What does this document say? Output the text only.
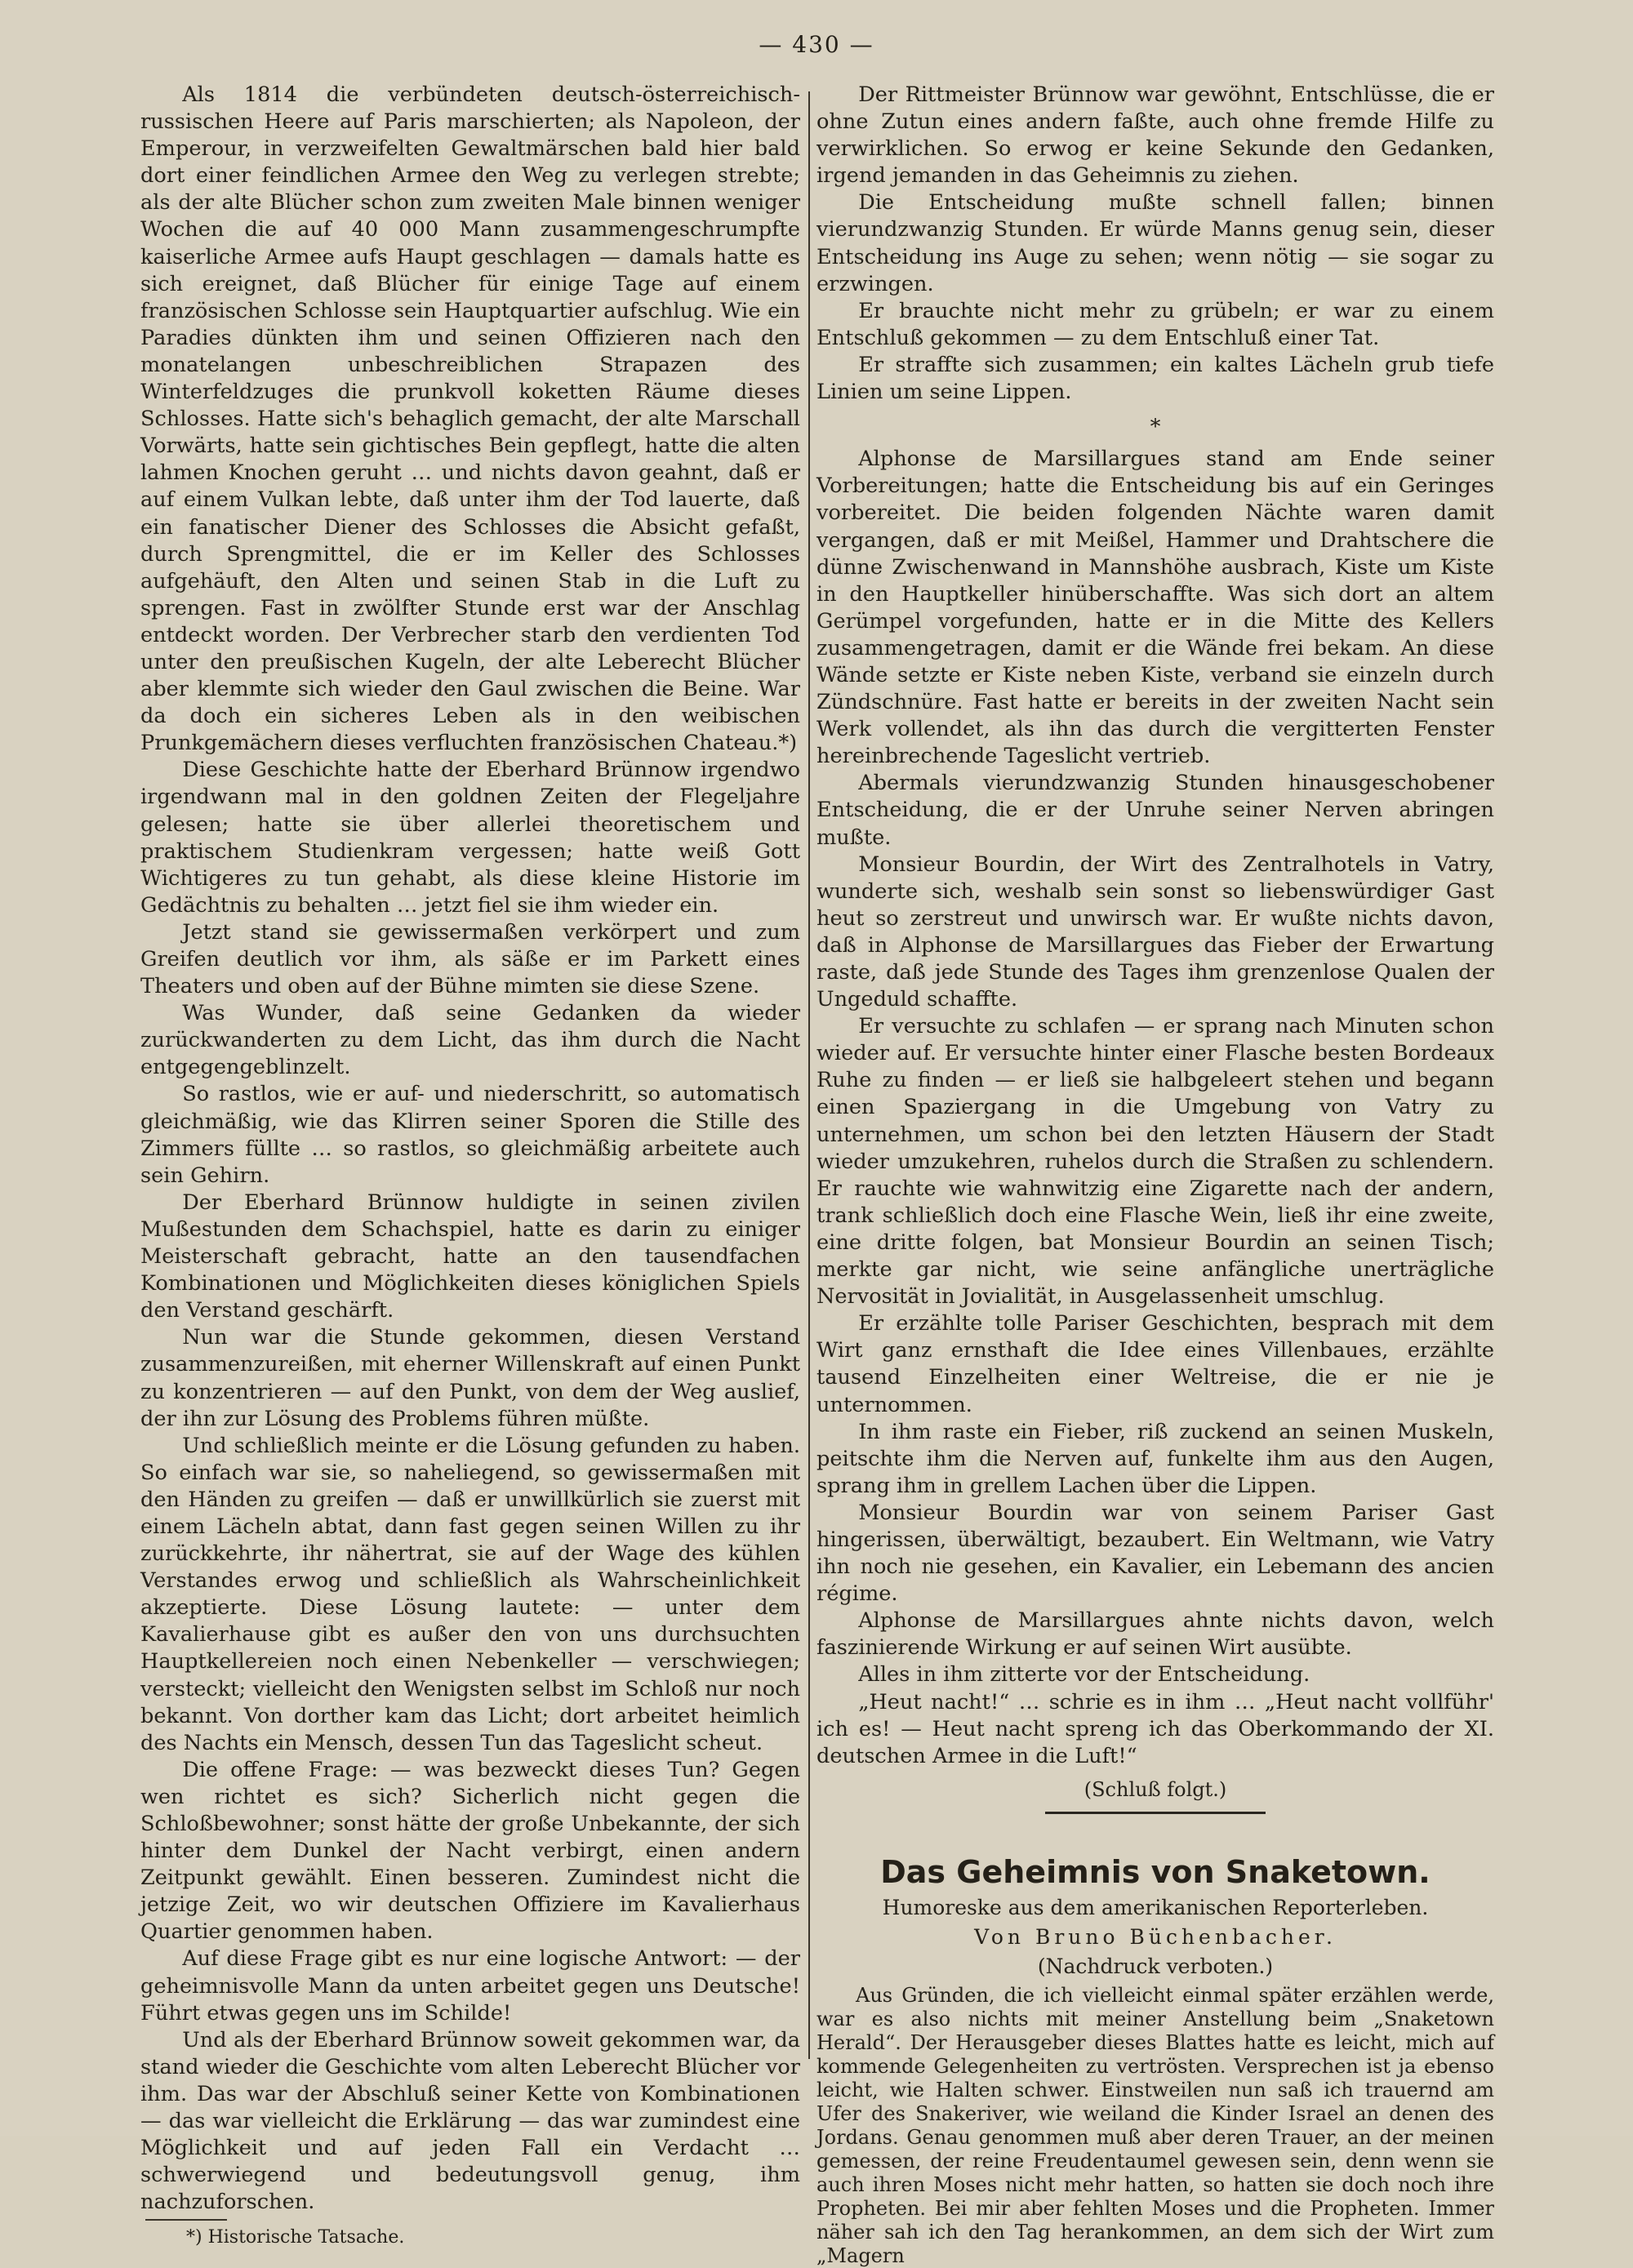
— 430 —

Als 1814 die verbündeten deutsch-österreichisch-russischen Heere auf Paris marschierten; als Napoleon, der Emperour, in verzweifelten Gewaltmärschen bald hier bald dort einer feindlichen Armee den Weg zu verlegen strebte; als der alte Blücher schon zum zweiten Male binnen weniger Wochen die auf 40 000 Mann zusammengeschrumpfte kaiserliche Armee aufs Haupt geschlagen — damals hatte es sich ereignet, daß Blücher für einige Tage auf einem französischen Schlosse sein Hauptquartier aufschlug. Wie ein Paradies dünkten ihm und seinen Offizieren nach den monatelangen unbeschreiblichen Strapazen des Winterfeldzuges die prunkvoll koketten Räume dieses Schlosses. Hatte sich's behaglich gemacht, der alte Marschall Vorwärts, hatte sein gichtisches Bein gepflegt, hatte die alten lahmen Knochen geruht … und nichts davon geahnt, daß er auf einem Vulkan lebte, daß unter ihm der Tod lauerte, daß ein fanatischer Diener des Schlosses die Absicht gefaßt, durch Sprengmittel, die er im Keller des Schlosses aufgehäuft, den Alten und seinen Stab in die Luft zu sprengen. Fast in zwölfter Stunde erst war der Anschlag entdeckt worden. Der Verbrecher starb den verdienten Tod unter den preußischen Kugeln, der alte Leberecht Blücher aber klemmte sich wieder den Gaul zwischen die Beine. War da doch ein sicheres Leben als in den weibischen Prunkgemächern dieses verfluchten französischen Chateau.*)

Diese Geschichte hatte der Eberhard Brünnow irgendwo irgendwann mal in den goldnen Zeiten der Flegeljahre gelesen; hatte sie über allerlei theoretischem und praktischem Studienkram vergessen; hatte weiß Gott Wichtigeres zu tun gehabt, als diese kleine Historie im Gedächtnis zu behalten … jetzt fiel sie ihm wieder ein.

Jetzt stand sie gewissermaßen verkörpert und zum Greifen deutlich vor ihm, als säße er im Parkett eines Theaters und oben auf der Bühne mimten sie diese Szene.

Was Wunder, daß seine Gedanken da wieder zurückwanderten zu dem Licht, das ihm durch die Nacht entgegengeblinzelt.

So rastlos, wie er auf- und niederschritt, so automatisch gleichmäßig, wie das Klirren seiner Sporen die Stille des Zimmers füllte … so rastlos, so gleichmäßig arbeitete auch sein Gehirn.

Der Eberhard Brünnow huldigte in seinen zivilen Mußestunden dem Schachspiel, hatte es darin zu einiger Meisterschaft gebracht, hatte an den tausendfachen Kombinationen und Möglichkeiten dieses königlichen Spiels den Verstand geschärft.

Nun war die Stunde gekommen, diesen Verstand zusammenzureißen, mit eherner Willenskraft auf einen Punkt zu konzentrieren — auf den Punkt, von dem der Weg auslief, der ihn zur Lösung des Problems führen müßte.

Und schließlich meinte er die Lösung gefunden zu haben. So einfach war sie, so naheliegend, so gewissermaßen mit den Händen zu greifen — daß er unwillkürlich sie zuerst mit einem Lächeln abtat, dann fast gegen seinen Willen zu ihr zurückkehrte, ihr nähertrat, sie auf der Wage des kühlen Verstandes erwog und schließlich als Wahrscheinlichkeit akzeptierte. Diese Lösung lautete: — unter dem Kavalierhause gibt es außer den von uns durchsuchten Hauptkellereien noch einen Nebenkeller — verschwiegen; versteckt; vielleicht den Wenigsten selbst im Schloß nur noch bekannt. Von dorther kam das Licht; dort arbeitet heimlich des Nachts ein Mensch, dessen Tun das Tageslicht scheut.

Die offene Frage: — was bezweckt dieses Tun? Gegen wen richtet es sich? Sicherlich nicht gegen die Schloßbewohner; sonst hätte der große Unbekannte, der sich hinter dem Dunkel der Nacht verbirgt, einen andern Zeitpunkt gewählt. Einen besseren. Zumindest nicht die jetzige Zeit, wo wir deutschen Offiziere im Kavalierhaus Quartier genommen haben.

Auf diese Frage gibt es nur eine logische Antwort: — der geheimnisvolle Mann da unten arbeitet gegen uns Deutsche! Führt etwas gegen uns im Schilde!

Und als der Eberhard Brünnow soweit gekommen war, da stand wieder die Geschichte vom alten Leberecht Blücher vor ihm. Das war der Abschluß seiner Kette von Kombinationen — das war vielleicht die Erklärung — das war zumindest eine Möglichkeit und auf jeden Fall ein Verdacht … schwerwiegend und bedeutungsvoll genug, ihm nachzuforschen.

*) Historische Tatsache.

Der Rittmeister Brünnow war gewöhnt, Entschlüsse, die er ohne Zutun eines andern faßte, auch ohne fremde Hilfe zu verwirklichen. So erwog er keine Sekunde den Gedanken, irgend jemanden in das Geheimnis zu ziehen.

Die Entscheidung mußte schnell fallen; binnen vierundzwanzig Stunden. Er würde Manns genug sein, dieser Entscheidung ins Auge zu sehen; wenn nötig — sie sogar zu erzwingen.

Er brauchte nicht mehr zu grübeln; er war zu einem Entschluß gekommen — zu dem Entschluß einer Tat.

Er straffte sich zusammen; ein kaltes Lächeln grub tiefe Linien um seine Lippen.

*

Alphonse de Marsillargues stand am Ende seiner Vorbereitungen; hatte die Entscheidung bis auf ein Geringes vorbereitet. Die beiden folgenden Nächte waren damit vergangen, daß er mit Meißel, Hammer und Drahtschere die dünne Zwischenwand in Mannshöhe ausbrach, Kiste um Kiste in den Hauptkeller hinüberschaffte. Was sich dort an altem Gerümpel vorgefunden, hatte er in die Mitte des Kellers zusammengetragen, damit er die Wände frei bekam. An diese Wände setzte er Kiste neben Kiste, verband sie einzeln durch Zündschnüre. Fast hatte er bereits in der zweiten Nacht sein Werk vollendet, als ihn das durch die vergitterten Fenster hereinbrechende Tageslicht vertrieb.

Abermals vierundzwanzig Stunden hinausgeschobener Entscheidung, die er der Unruhe seiner Nerven abringen mußte.

Monsieur Bourdin, der Wirt des Zentralhotels in Vatry, wunderte sich, weshalb sein sonst so liebenswürdiger Gast heut so zerstreut und unwirsch war. Er wußte nichts davon, daß in Alphonse de Marsillargues das Fieber der Erwartung raste, daß jede Stunde des Tages ihm grenzenlose Qualen der Ungeduld schaffte.

Er versuchte zu schlafen — er sprang nach Minuten schon wieder auf. Er versuchte hinter einer Flasche besten Bordeaux Ruhe zu finden — er ließ sie halbgeleert stehen und begann einen Spaziergang in die Umgebung von Vatry zu unternehmen, um schon bei den letzten Häusern der Stadt wieder umzukehren, ruhelos durch die Straßen zu schlendern. Er rauchte wie wahnwitzig eine Zigarette nach der andern, trank schließlich doch eine Flasche Wein, ließ ihr eine zweite, eine dritte folgen, bat Monsieur Bourdin an seinen Tisch; merkte gar nicht, wie seine anfängliche unerträgliche Nervosität in Jovialität, in Ausgelassenheit umschlug.

Er erzählte tolle Pariser Geschichten, besprach mit dem Wirt ganz ernsthaft die Idee eines Villenbaues, erzählte tausend Einzelheiten einer Weltreise, die er nie je unternommen.

In ihm raste ein Fieber, riß zuckend an seinen Muskeln, peitschte ihm die Nerven auf, funkelte ihm aus den Augen, sprang ihm in grellem Lachen über die Lippen.

Monsieur Bourdin war von seinem Pariser Gast hingerissen, überwältigt, bezaubert. Ein Weltmann, wie Vatry ihn noch nie gesehen, ein Kavalier, ein Lebemann des ancien régime.

Alphonse de Marsillargues ahnte nichts davon, welch faszinierende Wirkung er auf seinen Wirt ausübte.

Alles in ihm zitterte vor der Entscheidung.

„Heut nacht!“ … schrie es in ihm … „Heut nacht vollführ' ich es! — Heut nacht spreng ich das Oberkommando der XI. deutschen Armee in die Luft!“

(Schluß folgt.)
Das Geheimnis von Snaketown.
Humoreske aus dem amerikanischen Reporterleben.
Von Bruno Büchenbacher.
(Nachdruck verboten.)

Aus Gründen, die ich vielleicht einmal später erzählen werde, war es also nichts mit meiner Anstellung beim „Snaketown Herald“. Der Herausgeber dieses Blattes hatte es leicht, mich auf kommende Gelegenheiten zu vertrösten. Versprechen ist ja ebenso leicht, wie Halten schwer. Einstweilen nun saß ich trauernd am Ufer des Snakeriver, wie weiland die Kinder Israel an denen des Jordans. Genau genommen muß aber deren Trauer, an der meinen gemessen, der reine Freudentaumel gewesen sein, denn wenn sie auch ihren Moses nicht mehr hatten, so hatten sie doch noch ihre Propheten. Bei mir aber fehlten Moses und die Propheten. Immer näher sah ich den Tag herankommen, an dem sich der Wirt zum „Magern
